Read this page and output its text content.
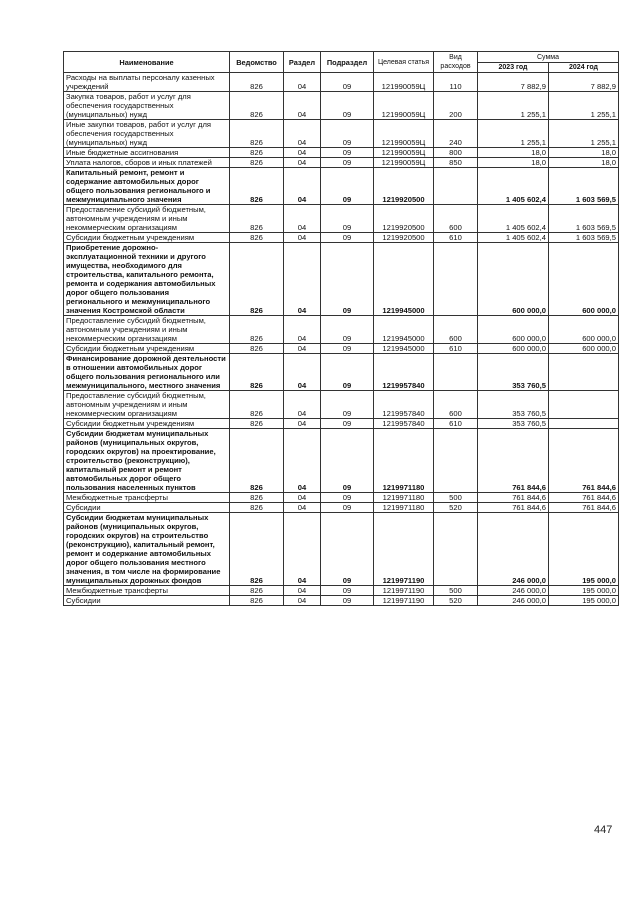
Наименование	Ведомство	Раздел	Подраздел	Целевая статья	Вид расходов	Сумма	
						2023 год	2024 год
Расходы на выплаты персоналу казенных учреждений	826	04	09	121990059Ц	110	7 882,9	7 882,9
Закупка товаров, работ и услуг для обеспечения государственных (муниципальных) нужд	826	04	09	121990059Ц	200	1 255,1	1 255,1
Иные закупки товаров, работ и услуг для обеспечения государственных (муниципальных) нужд	826	04	09	121990059Ц	240	1 255,1	1 255,1
Иные бюджетные ассигнования	826	04	09	121990059Ц	800	18,0	18,0
Уплата налогов, сборов и иных платежей	826	04	09	121990059Ц	850	18,0	18,0
Капитальный ремонт, ремонт и содержание автомобильных дорог общего пользования регионального и межмуниципального значения	826	04	09	1219920500		1 405 602,4	1 603 569,5
Предоставление субсидий бюджетным, автономным учреждениям и иным некоммерческим организациям	826	04	09	1219920500	600	1 405 602,4	1 603 569,5
Субсидии бюджетным учреждениям	826	04	09	1219920500	610	1 405 602,4	1 603 569,5
Приобретение дорожно-эксплуатационной техники и другого имущества, необходимого для строительства, капитального ремонта, ремонта и содержания автомобильных дорог общего пользования регионального и межмуниципального значения Костромской области	826	04	09	1219945000		600 000,0	600 000,0
Предоставление субсидий бюджетным, автономным учреждениям и иным некоммерческим организациям	826	04	09	1219945000	600	600 000,0	600 000,0
Субсидии бюджетным учреждениям	826	04	09	1219945000	610	600 000,0	600 000,0
Финансирование дорожной деятельности в отношении автомобильных дорог общего пользования регионального или межмуниципального, местного значения	826	04	09	1219957840		353 760,5	
Предоставление субсидий бюджетным, автономным учреждениям и иным некоммерческим организациям	826	04	09	1219957840	600	353 760,5	
Субсидии бюджетным учреждениям	826	04	09	1219957840	610	353 760,5	
Субсидии бюджетам муниципальных районов (муниципальных округов, городских округов) на проектирование, строительство (реконструкцию), капитальный ремонт и ремонт автомобильных дорог общего пользования населенных пунктов	826	04	09	1219971180		761 844,6	761 844,6
Межбюджетные трансферты	826	04	09	1219971180	500	761 844,6	761 844,6
Субсидии	826	04	09	1219971180	520	761 844,6	761 844,6
Субсидии бюджетам муниципальных районов (муниципальных округов, городских округов) на строительство (реконструкцию), капитальный ремонт, ремонт и содержание автомобильных дорог общего пользования местного значения, в том числе на формирование муниципальных дорожных фондов	826	04	09	1219971190		246 000,0	195 000,0
Межбюджетные трансферты	826	04	09	1219971190	500	246 000,0	195 000,0
Субсидии	826	04	09	1219971190	520	246 000,0	195 000,0
447
